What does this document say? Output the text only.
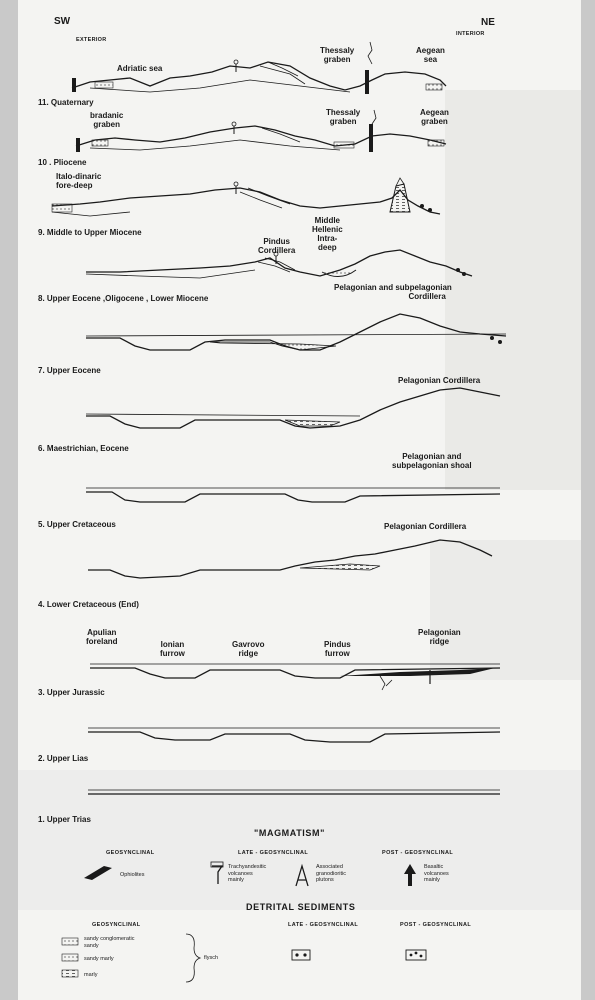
SW
EXTERIOR
NE
INTERIOR
11. Quaternary
10 . Pliocene
9. Middle to Upper Miocene
8. Upper Eocene ,Oligocene , Lower Miocene
7. Upper Eocene
6. Maestrichian, Eocene
5. Upper Cretaceous
4. Lower Cretaceous (End)
3. Upper Jurassic
2. Upper Lias
1. Upper Trias
Adriatic sea
Thessaly
graben
Aegean
sea
bradanic
graben
Thessaly
graben
Aegean
graben
Italo-dinaric
fore-deep
Middle
Hellenic
Intra-
deep
Pindus
Cordillera
Pelagonian and subpelagonian
Cordillera
Pelagonian Cordillera
Pelagonian and
subpelagonian shoal
Pelagonian Cordillera
Apulian
foreland	Ionian
furrow
Gavrovo
ridge
Pindus
furrow
Pelagonian
ridge
"MAGMATISM"
GEOSYNCLINAL	LATE - GEOSYNCLINAL	POST - GEOSYNCLINAL
Ophiolites
Trachyandesitic
volcanoes
mainly
Associated
granodioritic
plutons
Basaltic
volcanoes
mainly
DETRITAL SEDIMENTS
GEOSYNCLINAL	LATE - GEOSYNCLINAL	POST - GEOSYNCLINAL
sandy conglomeratic
sandy
sandy marly
marly
flysch
